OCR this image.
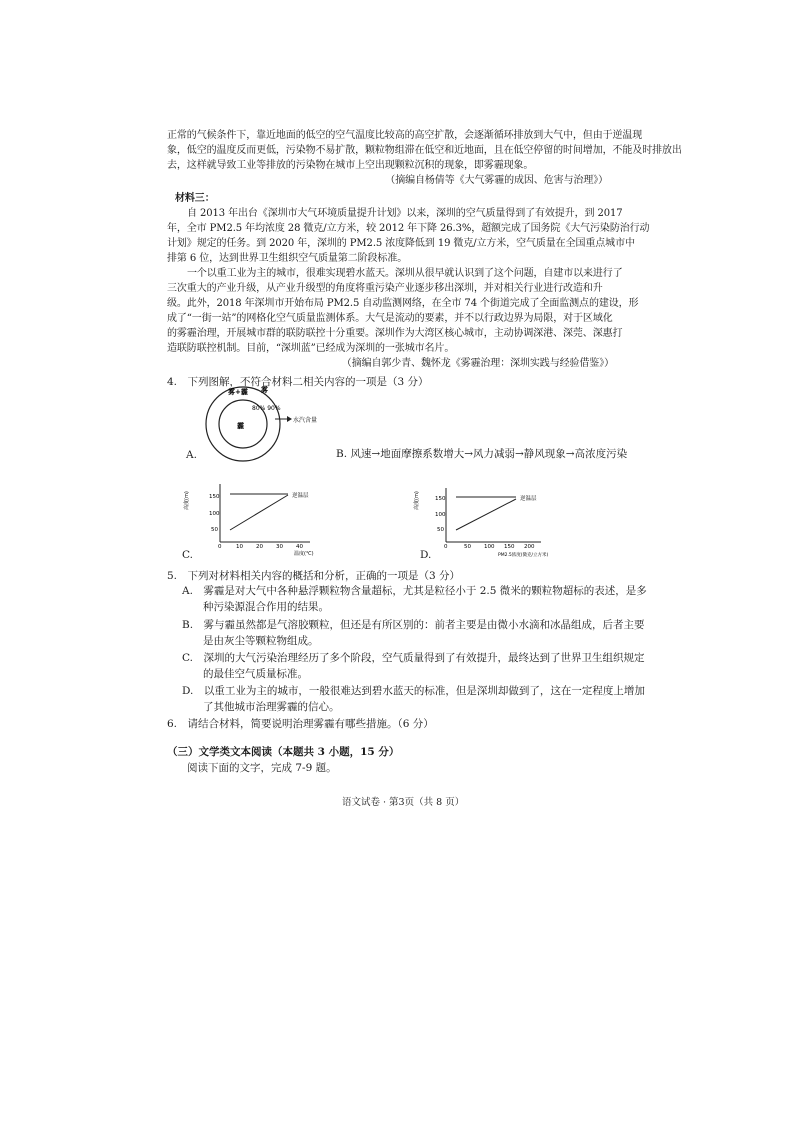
正常的气候条件下，靠近地面的低空的空气温度比较高的高空扩散，会逐渐循环排放到大气中，但由于逆温现
象，低空的温度反而更低，污染物不易扩散，颗粒物组滞在低空和近地面，且在低空停留的时间增加，不能及时排放出
去，这样就导致工业等排放的污染物在城市上空出现颗粒沉积的现象，即雾霾现象。
（摘编自杨倩等《大气雾霾的成因、危害与治理》）
材料三：
自 2013 年出台《深圳市大气环境质量提升计划》以来，深圳的空气质量得到了有效提升，到 2017
年，全市 PM2.5 年均浓度 28 微克/立方米，较 2012 年下降 26.3%，超额完成了国务院《大气污染防治行动
计划》规定的任务。到 2020 年，深圳的 PM2.5 浓度降低到 19 微克/立方米，空气质量在全国重点城市中
排第 6 位，达到世界卫生组织空气质量第二阶段标准。
一个以重工业为主的城市，很难实现碧水蓝天。深圳从很早就认识到了这个问题，自建市以来进行了
三次重大的产业升级，从产业升级型的角度将重污染产业逐步移出深圳，并对相关行业进行改造和升
级。此外，2018 年深圳市开始布局 PM2.5 自动监测网络，在全市 74 个街道完成了全面监测点的建设，形
成了“一街一站”的网格化空气质量监测体系。大气是流动的要素，并不以行政边界为局限，对于区域化
的雾霾治理，开展城市群的联防联控十分重要。深圳作为大湾区核心城市，主动协调深港、深莞、深惠打
造联防联控机制。目前，“深圳蓝”已经成为深圳的一张城市名片。
（摘编自郭少青、魏怀龙《雾霾治理：深圳实践与经验借鉴》）
4.　下列图解，不符合材料二相关内容的一项是（3 分）
雾+霾 雾
霾
80% 90%
水汽含量
A.	B. 风速→地面摩擦系数增大→风力减弱→静风现象→高浓度污染
高度(m)	150
100
50
0	10 20 30 40
温度(℃)
逆温层
C.
高度(m)	150
100
50
0	50 100 150 200
PM2.5浓度(微克/立方米)
逆温层
D.
5.　下列对材料相关内容的概括和分析，正确的一项是（3 分）
A.　雾霾是对大气中各种悬浮颗粒物含量超标，尤其是粒径小于 2.5 微米的颗粒物超标的表述，是多
种污染源混合作用的结果。
B.　雾与霾虽然都是气溶胶颗粒，但还是有所区别的：前者主要是由微小水滴和冰晶组成，后者主要
是由灰尘等颗粒物组成。
C.　深圳的大气污染治理经历了多个阶段，空气质量得到了有效提升，最终达到了世界卫生组织规定
的最佳空气质量标准。
D.　以重工业为主的城市，一般很难达到碧水蓝天的标准，但是深圳却做到了，这在一定程度上增加
了其他城市治理雾霾的信心。
6.　请结合材料，简要说明治理雾霾有哪些措施。（6 分）
（三）文学类文本阅读（本题共 3 小题，15 分）
阅读下面的文字，完成 7-9 题。
语文试卷 · 第3页（共 8 页）
